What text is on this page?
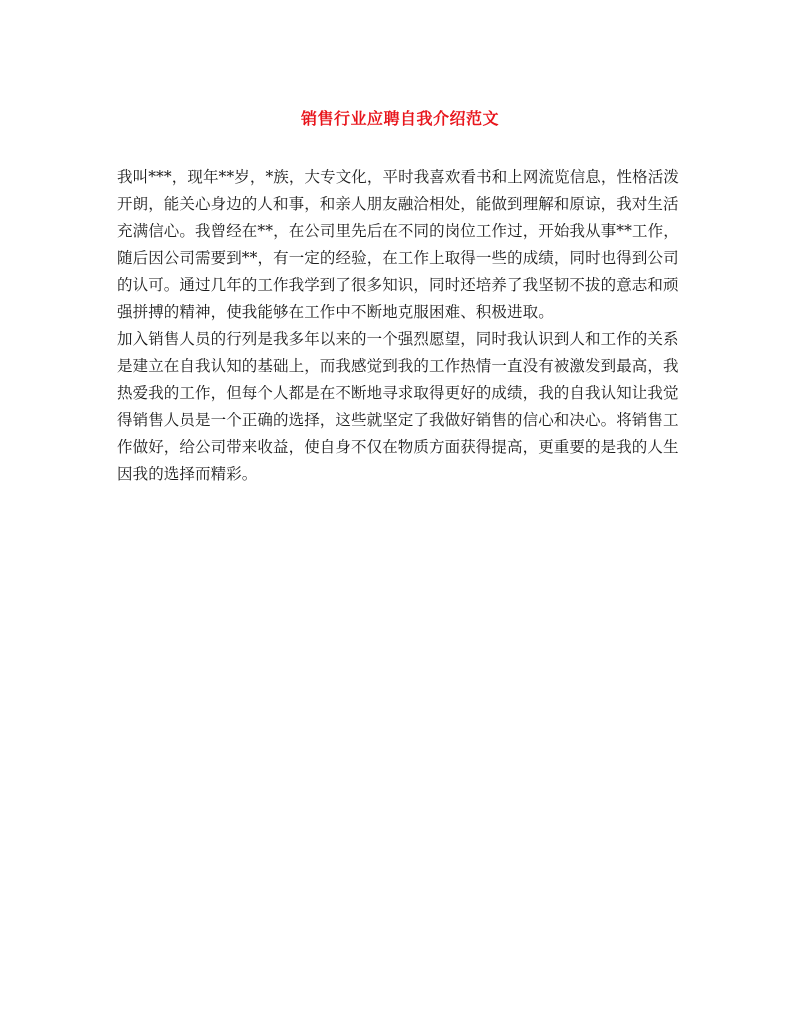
销售行业应聘自我介绍范文
我叫***，现年**岁，*族，大专文化，平时我喜欢看书和上网流览信息，性格活泼
开朗，能关心身边的人和事，和亲人朋友融洽相处，能做到理解和原谅，我对生活
充满信心。我曾经在**，在公司里先后在不同的岗位工作过，开始我从事**工作，
随后因公司需要到**，有一定的经验，在工作上取得一些的成绩，同时也得到公司
的认可。通过几年的工作我学到了很多知识，同时还培养了我坚韧不拔的意志和顽
强拼搏的精神，使我能够在工作中不断地克服困难、积极进取。
加入销售人员的行列是我多年以来的一个强烈愿望，同时我认识到人和工作的关系
是建立在自我认知的基础上，而我感觉到我的工作热情一直没有被激发到最高，我
热爱我的工作，但每个人都是在不断地寻求取得更好的成绩，我的自我认知让我觉
得销售人员是一个正确的选择，这些就坚定了我做好销售的信心和决心。将销售工
作做好，给公司带来收益，使自身不仅在物质方面获得提高，更重要的是我的人生
因我的选择而精彩。
